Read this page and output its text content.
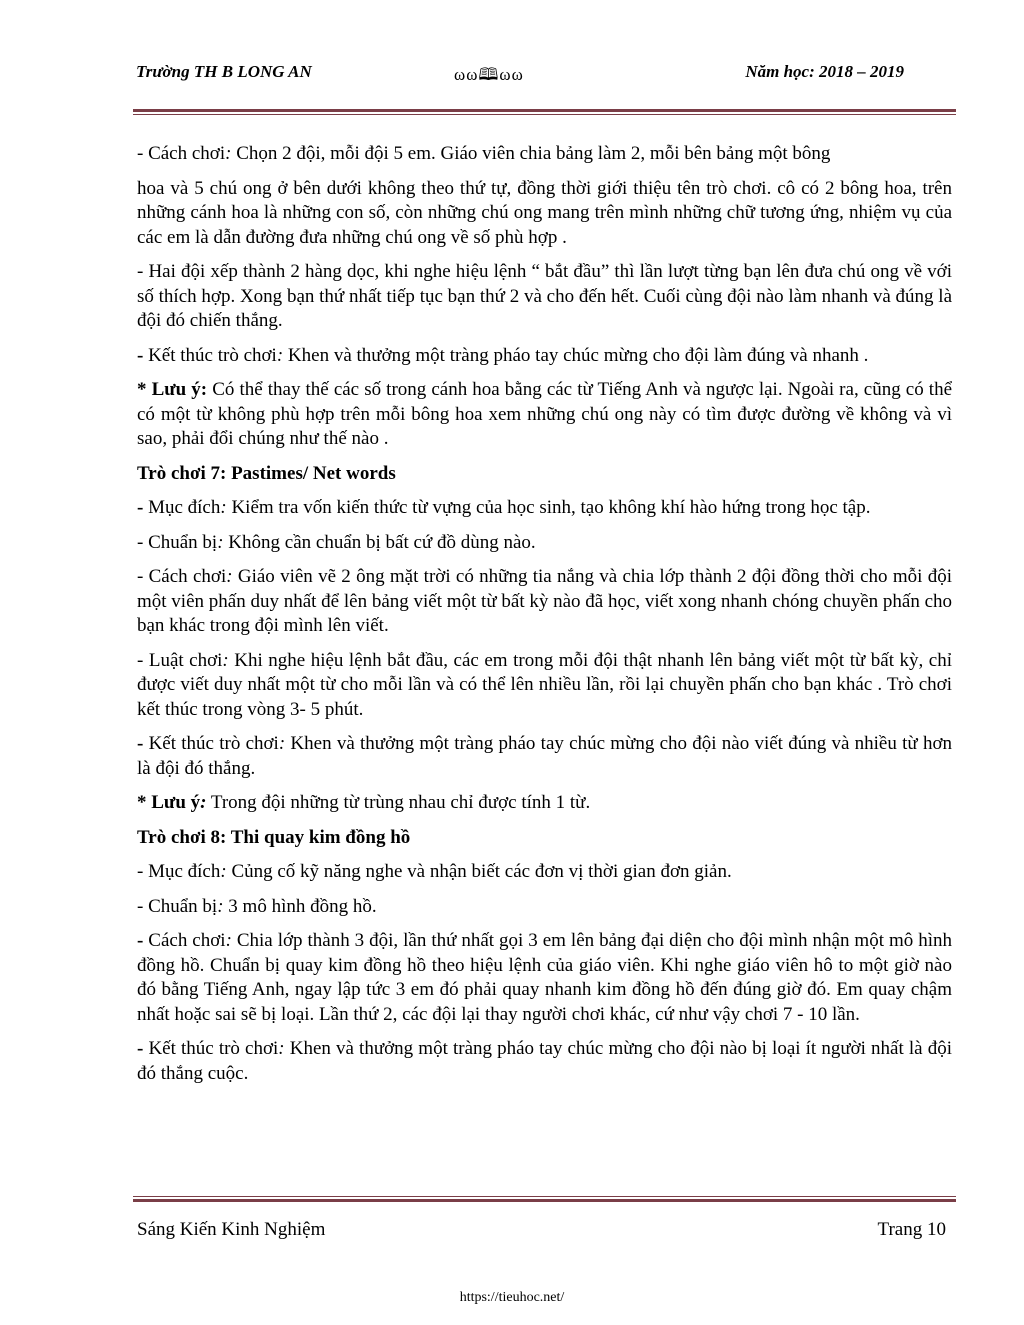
Trường TH B LONG AN	ωω🕮ωω	Năm học: 2018 – 2019

- Cách chơi: Chọn 2 đội, mỗi đội 5 em. Giáo viên chia bảng làm 2, mỗi bên bảng một bông

hoa và 5 chú ong ở bên dưới không theo thứ tự, đồng thời giới thiệu tên trò chơi. cô có 2 bông hoa, trên những cánh hoa là những con số, còn những chú ong mang trên mình những chữ tương ứng, nhiệm vụ của các em là dẫn đường đưa những chú ong về số phù hợp .

- Hai đội xếp thành 2 hàng dọc, khi nghe hiệu lệnh “ bắt đầu” thì lần lượt từng bạn lên đưa chú ong về với số thích hợp. Xong bạn thứ nhất tiếp tục bạn thứ 2 và cho đến hết. Cuối cùng đội nào làm nhanh và đúng là đội đó chiến thắng.

- Kết thúc trò chơi: Khen và thưởng một tràng pháo tay chúc mừng cho đội làm đúng và nhanh .

* Lưu ý: Có thể thay thế các số trong cánh hoa bằng các từ Tiếng Anh và ngược lại. Ngoài ra, cũng có thể có một từ không phù hợp trên mỗi bông hoa xem những chú ong này có tìm được đường về không và vì sao, phải đổi chúng như thế nào .

Trò chơi 7: Pastimes/ Net words

- Mục đích: Kiểm tra vốn kiến thức từ vựng của học sinh, tạo không khí hào hứng trong học tập.

- Chuẩn bị: Không cần chuẩn bị bất cứ đồ dùng nào.

- Cách chơi: Giáo viên vẽ 2 ông mặt trời có những tia nắng và chia lớp thành 2 đội đồng thời cho mỗi đội một viên phấn duy nhất để lên bảng viết một từ bất kỳ nào đã học, viết xong nhanh chóng chuyền phấn cho bạn khác trong đội mình lên viết.

- Luật chơi: Khi nghe hiệu lệnh bắt đầu, các em trong mỗi đội thật nhanh lên bảng viết một từ bất kỳ, chỉ được viết duy nhất một từ cho mỗi lần và có thể lên nhiều lần, rồi lại chuyền phấn cho bạn khác . Trò chơi kết thúc trong vòng 3- 5 phút.

- Kết thúc trò chơi: Khen và thưởng một tràng pháo tay chúc mừng cho đội nào viết đúng và nhiều từ hơn là đội đó thắng.

* Lưu ý: Trong đội những từ trùng nhau chỉ được tính 1 từ.

Trò chơi 8: Thi quay kim đồng hồ

- Mục đích: Củng cố kỹ năng nghe và nhận biết các đơn vị thời gian đơn giản.

- Chuẩn bị: 3 mô hình đồng hồ.

- Cách chơi: Chia lớp thành 3 đội, lần thứ nhất gọi 3 em lên bảng đại diện cho đội mình nhận một mô hình đồng hồ. Chuẩn bị quay kim đồng hồ theo hiệu lệnh của giáo viên. Khi nghe giáo viên hô to một giờ nào đó bằng Tiếng Anh, ngay lập tức 3 em đó phải quay nhanh kim đồng hồ đến đúng giờ đó. Em quay chậm nhất hoặc sai sẽ bị loại. Lần thứ 2, các đội lại thay người chơi khác, cứ như vậy chơi 7 - 10 lần.

- Kết thúc trò chơi: Khen và thưởng một tràng pháo tay chúc mừng cho đội nào bị loại ít người nhất là đội đó thắng cuộc.

Sáng Kiến Kinh Nghiệm	Trang 10
https://tieuhoc.net/
